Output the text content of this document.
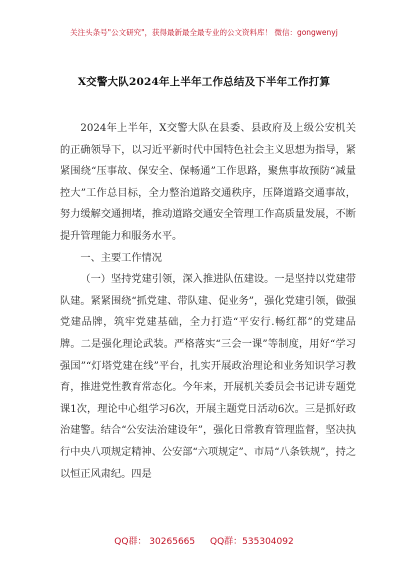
关注头条号"公文研究"，获得最新最全最专业的公文资料库！ 微信：gongwenyj
X交警大队2024年上半年工作总结及下半年工作打算

2024年上半年，X交警大队在县委、县政府及上级公安机关的正确领导下，以习近平新时代中国特色社会主义思想为指导，紧紧围绕“压事故、保安全、保畅通”工作思路，聚焦事故预防“减量控大”工作总目标，全力整治道路交通秩序，压降道路交通事故，努力缓解交通拥堵，推动道路交通安全管理工作高质量发展，不断提升管理能力和服务水平。

一、主要工作情况

（一）坚持党建引领，深入推进队伍建设。一是坚持以党建带队建。紧紧围绕“抓党建、带队建、促业务”，强化党建引领，做强党建品牌，筑牢党建基础，全力打造“平安行.畅红都”的党建品牌。二是强化理论武装。严格落实“三会一课”等制度，用好“学习强国”“灯塔党建在线”平台，扎实开展政治理论和业务知识学习教育，推进党性教育常态化。今年来，开展机关委员会书记讲专题党课1次，理论中心组学习6次，开展主题党日活动6次。三是抓好政治建警。结合“公安法治建设年”，强化日常教育管理监督，坚决执行中央八项规定精神、公安部“六项规定”、市局“八条铁规”，持之以恒正风肃纪。四是

QQ群： 30265665 QQ群：535304092
